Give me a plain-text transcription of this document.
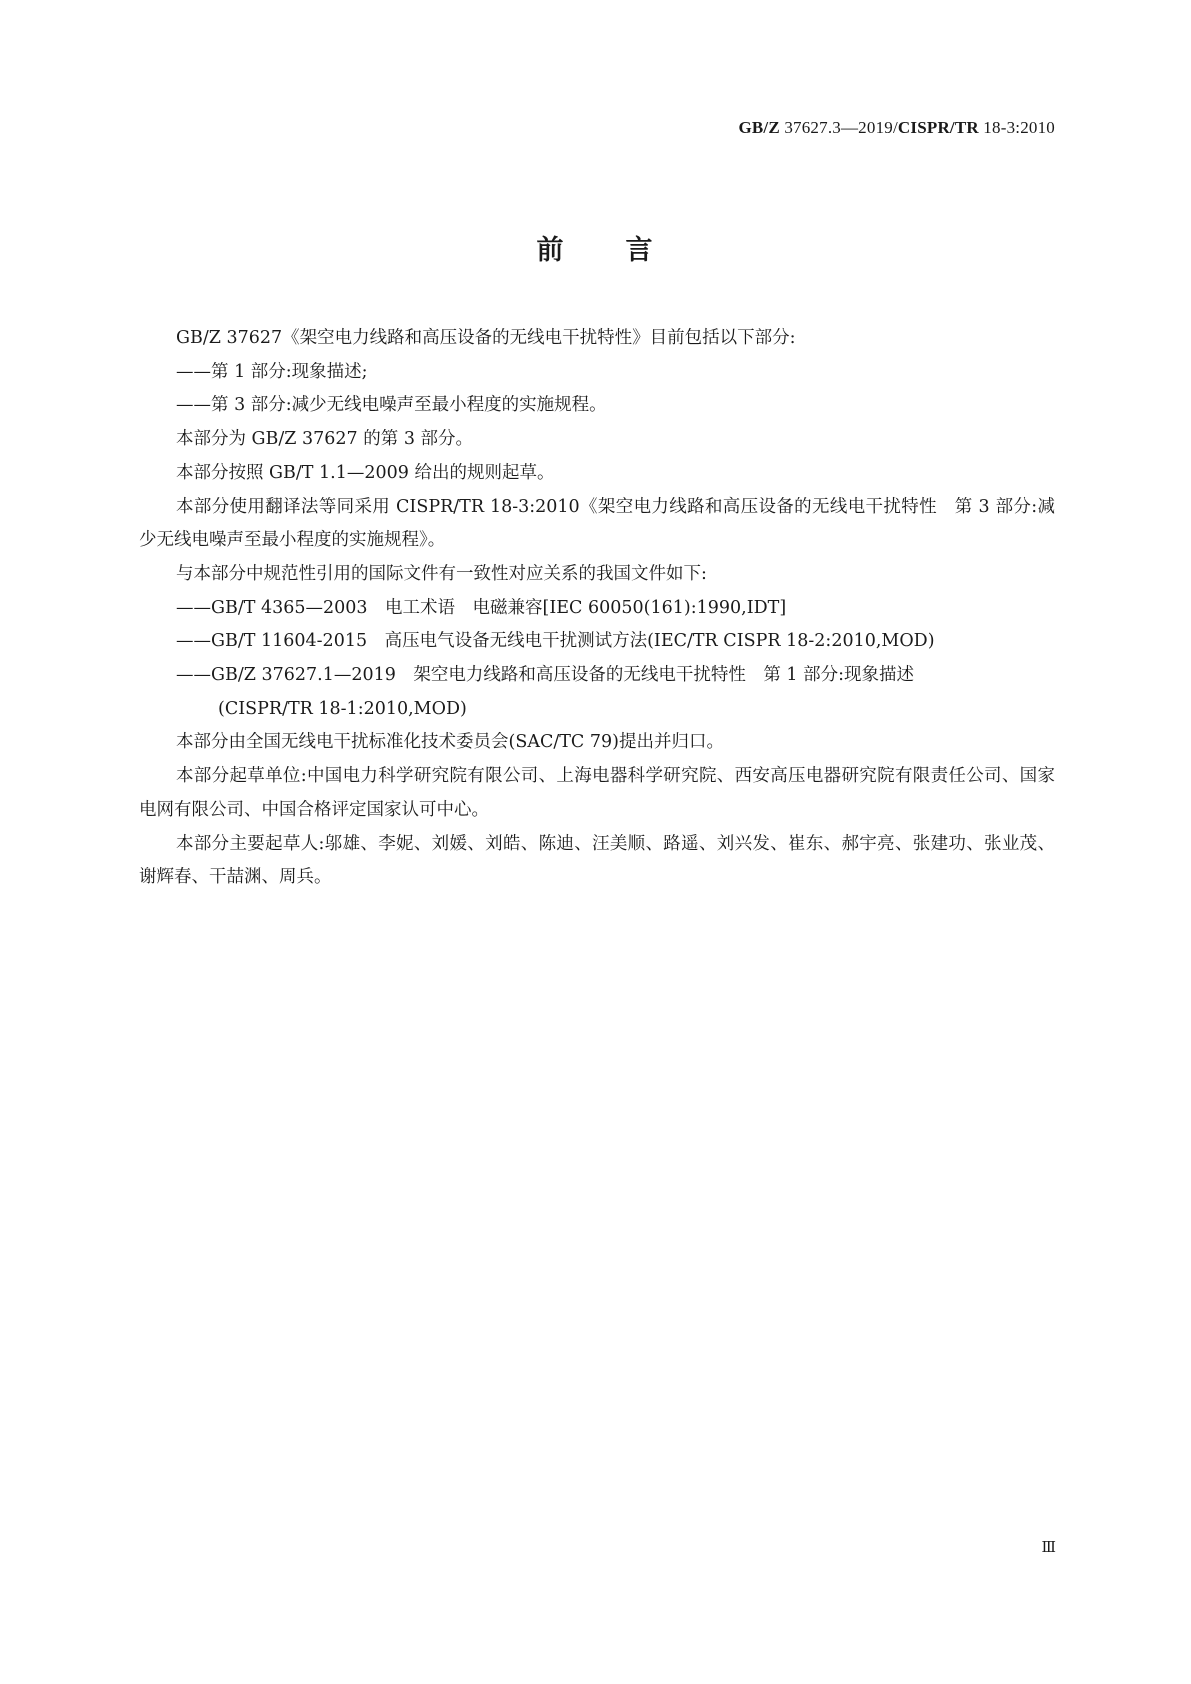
GB/Z 37627.3—2019/CISPR/TR 18-3:2010
前 言

GB/Z 37627《架空电力线路和高压设备的无线电干扰特性》目前包括以下部分:

——第 1 部分:现象描述;

——第 3 部分:减少无线电噪声至最小程度的实施规程。

本部分为 GB/Z 37627 的第 3 部分。

本部分按照 GB/T 1.1—2009 给出的规则起草。

本部分使用翻译法等同采用 CISPR/TR 18-3:2010《架空电力线路和高压设备的无线电干扰特性　第 3 部分:减少无线电噪声至最小程度的实施规程》。

与本部分中规范性引用的国际文件有一致性对应关系的我国文件如下:

——GB/T 4365—2003　电工术语　电磁兼容[IEC 60050(161):1990,IDT]

——GB/T 11604-2015　高压电气设备无线电干扰测试方法(IEC/TR CISPR 18-2:2010,MOD)

——GB/Z 37627.1—2019　架空电力线路和高压设备的无线电干扰特性　第 1 部分:现象描述

(CISPR/TR 18-1:2010,MOD)

本部分由全国无线电干扰标准化技术委员会(SAC/TC 79)提出并归口。

本部分起草单位:中国电力科学研究院有限公司、上海电器科学研究院、西安高压电器研究院有限责任公司、国家电网有限公司、中国合格评定国家认可中心。

本部分主要起草人:邬雄、李妮、刘媛、刘皓、陈迪、汪美顺、路遥、刘兴发、崔东、郝宇亮、张建功、张业茂、谢辉春、干喆渊、周兵。

Ⅲ
